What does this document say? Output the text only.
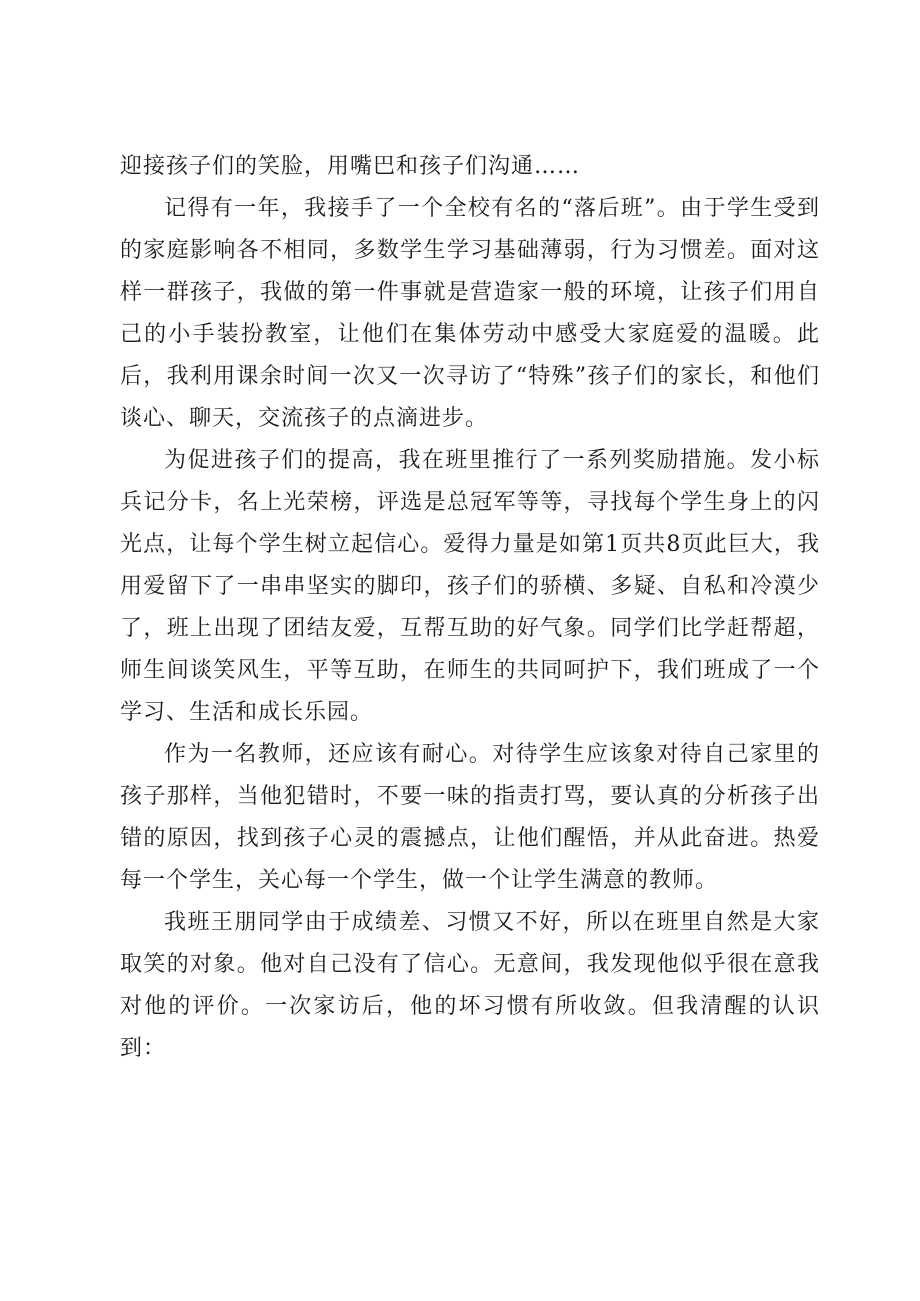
迎接孩子们的笑脸，用嘴巴和孩子们沟通……

记得有一年，我接手了一个全校有名的“落后班”。由于学生受到的家庭影响各不相同，多数学生学习基础薄弱，行为习惯差。面对这样一群孩子，我做的第一件事就是营造家一般的环境，让孩子们用自己的小手装扮教室，让他们在集体劳动中感受大家庭爱的温暖。此后，我利用课余时间一次又一次寻访了“特殊”孩子们的家长，和他们谈心、聊天，交流孩子的点滴进步。

为促进孩子们的提高，我在班里推行了一系列奖励措施。发小标兵记分卡，名上光荣榜，评选是总冠军等等，寻找每个学生身上的闪光点，让每个学生树立起信心。爱得力量是如第1页共8页此巨大，我用爱留下了一串串坚实的脚印，孩子们的骄横、多疑、自私和冷漠少了，班上出现了团结友爱，互帮互助的好气象。同学们比学赶帮超，师生间谈笑风生，平等互助，在师生的共同呵护下，我们班成了一个学习、生活和成长乐园。

作为一名教师，还应该有耐心。对待学生应该象对待自己家里的孩子那样，当他犯错时，不要一味的指责打骂，要认真的分析孩子出错的原因，找到孩子心灵的震撼点，让他们醒悟，并从此奋进。热爱每一个学生，关心每一个学生，做一个让学生满意的教师。

我班王朋同学由于成绩差、习惯又不好，所以在班里自然是大家取笑的对象。他对自己没有了信心。无意间，我发现他似乎很在意我对他的评价。一次家访后，他的坏习惯有所收敛。但我清醒的认识到：
